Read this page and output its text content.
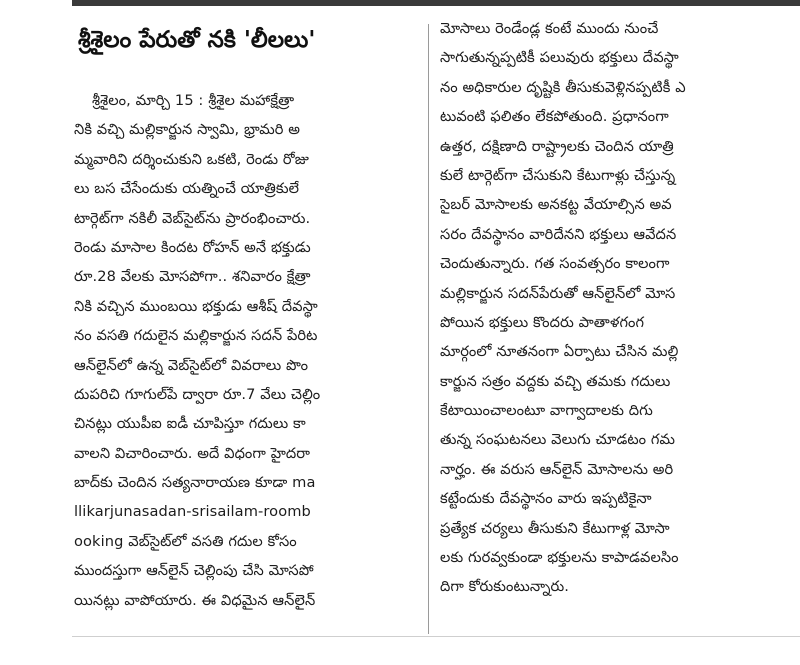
శ్రీశైలం పేరుతో నకి 'లీలలు'
శ్రీశైలం, మార్చి 15 : శ్రీశైల మహాక్షేత్రా
నికి వచ్చి మల్లికార్జున స్వామి, భ్రామరి అ
మ్మవారిని దర్శించుకుని ఒకటి, రెండు రోజు
లు బస చేసేందుకు యత్నించే యాత్రికులే
టార్గెట్‌గా నకిలీ వెబ్‌సైట్‌ను ప్రారంభించారు.
రెండు మాసాల కిందట రోహన్ అనే భక్తుడు
రూ.28 వేలకు మోసపోగా.. శనివారం క్షేత్రా
నికి వచ్చిన ముంబయి భక్తుడు ఆశీష్ దేవస్థా
నం వసతి గదులైన మల్లికార్జున సదన్ పేరిట
ఆన్‌లైన్‌లో ఉన్న వెబ్‌సైట్‌లో వివరాలు పొం
దుపరిచి గూగుల్‌పే ద్వారా రూ.7 వేలు చెల్లిం
చినట్లు యుపీఐ ఐడీ చూపిస్తూ గదులు కా
వాలని విచారించారు. అదే విధంగా హైదరా
బాద్‌కు చెందిన సత్యనారాయణ కూడా ma
llikarjunasadan-srisailam-roomb
ooking వెబ్‌సైట్‌లో వసతి గదుల కోసం
ముందస్తుగా ఆన్‌లైన్ చెల్లింపు చేసి మోసపో
యినట్లు వాపోయారు. ఈ విధమైన ఆన్‌లైన్
మోసాలు రెండేండ్ల కంటే ముందు నుంచే
సాగుతున్నప్పటికీ పలువురు భక్తులు దేవస్థా
నం అధికారుల దృష్టికి తీసుకువెళ్లినప్పటికీ ఎ
టువంటి ఫలితం లేకపోతుంది. ప్రధానంగా
ఉత్తర, దక్షిణాది రాష్ట్రాలకు చెందిన యాత్రి
కులే టార్గెట్‌గా చేసుకుని కేటుగాళ్లు చేస్తున్న
సైబర్ మోసాలకు అనకట్ట వేయాల్సిన అవ
సరం దేవస్థానం వారిదేనని భక్తులు ఆవేదన
చెందుతున్నారు. గత సంవత్సరం కాలంగా
మల్లికార్జున సదన్‌పేరుతో ఆన్‌లైన్‌లో మోస
పోయిన భక్తులు కొందరు పాతాళగంగ
మార్గంలో నూతనంగా ఏర్పాటు చేసిన మల్లి
కార్జున సత్రం వద్దకు వచ్చి తమకు గదులు
కేటాయించాలంటూ వాగ్వాదాలకు దిగు
తున్న సంఘటనలు వెలుగు చూడటం గమ
నార్హం. ఈ వరుస ఆన్‌లైన్ మోసాలను అరి
కట్టేందుకు దేవస్థానం వారు ఇప్పటికైనా
ప్రత్యేక చర్యలు తీసుకుని కేటుగాళ్ల మోసా
లకు గురవ్వకుండా భక్తులను కాపాడవలసిం
దిగా కోరుకుంటున్నారు.
